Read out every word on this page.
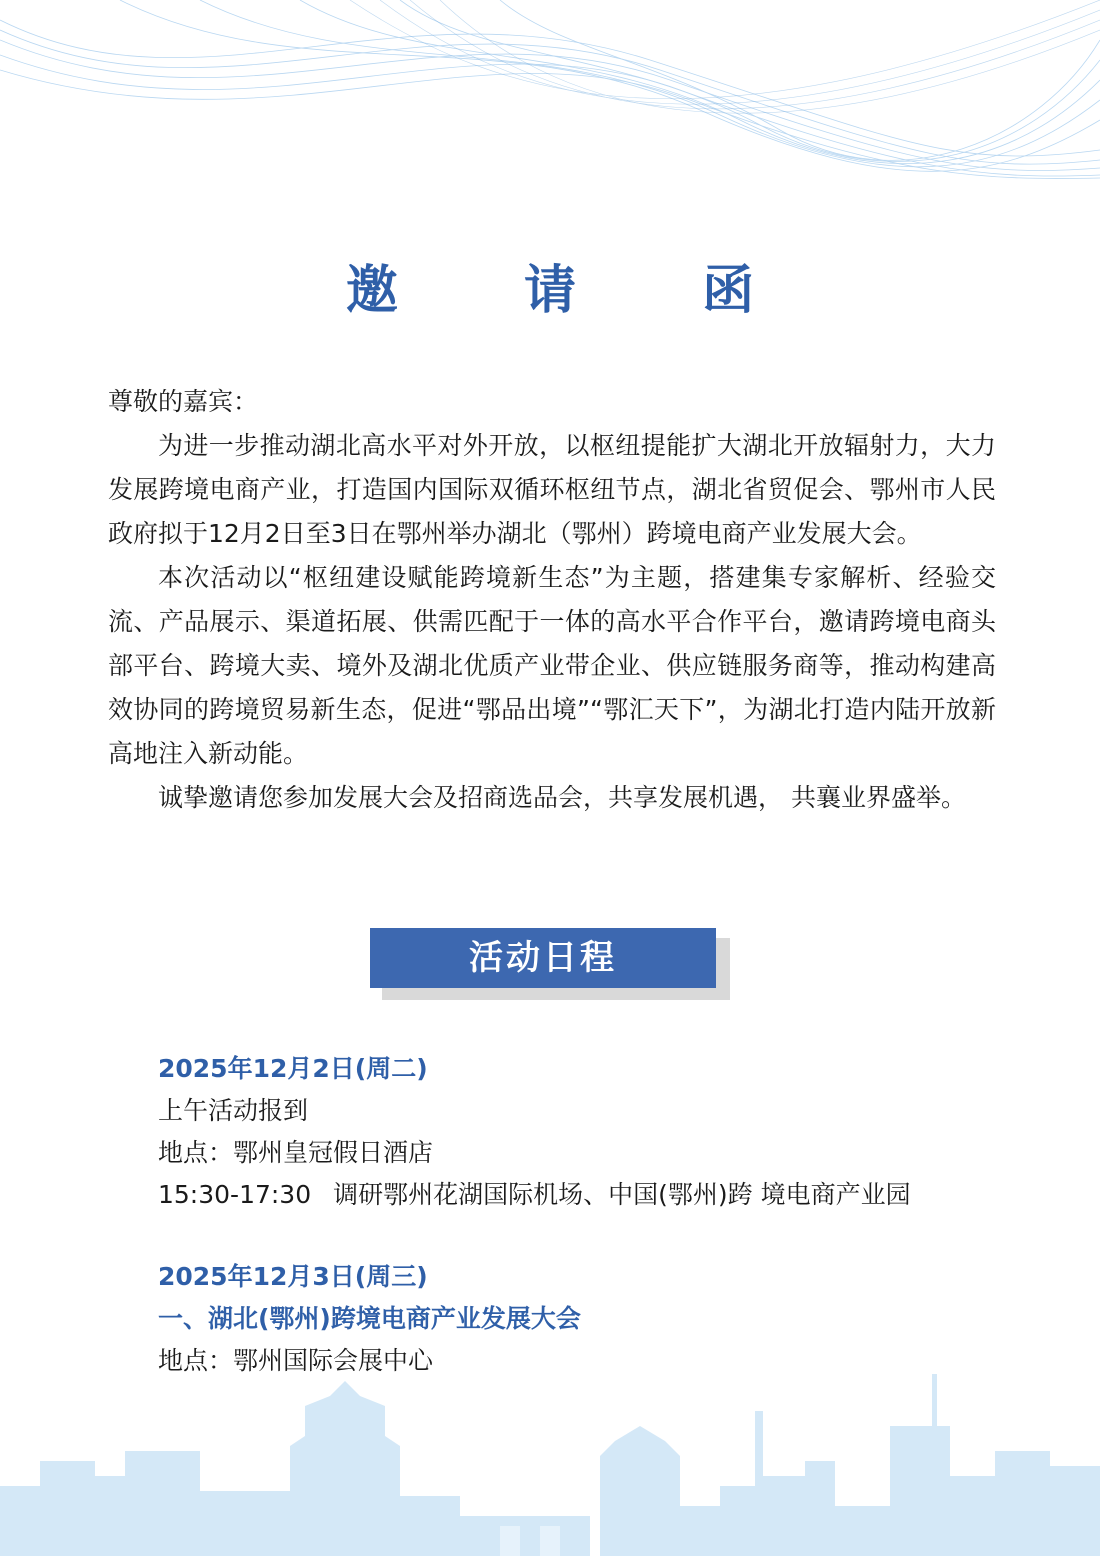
邀 请 函

尊敬的嘉宾：

为进一步推动湖北高水平对外开放，以枢纽提能扩大湖北开放辐射力，大力发展跨境电商产业，打造国内国际双循环枢纽节点，湖北省贸促会、鄂州市人民政府拟于12月2日至3日在鄂州举办湖北（鄂州）跨境电商产业发展大会。

本次活动以“枢纽建设赋能跨境新生态”为主题，搭建集专家解析、经验交流、产品展示、渠道拓展、供需匹配于一体的高水平合作平台，邀请跨境电商头部平台、跨境大卖、境外及湖北优质产业带企业、供应链服务商等，推动构建高效协同的跨境贸易新生态，促进“鄂品出境”“鄂汇天下”，为湖北打造内陆开放新高地注入新动能。

诚挚邀请您参加发展大会及招商选品会，共享发展机遇， 共襄业界盛举。

活动日程
2025年12月2日(周二)
上午活动报到
地点：鄂州皇冠假日酒店
15:30-17:30 调研鄂州花湖国际机场、中国(鄂州)跨 境电商产业园
2025年12月3日(周三)
一、湖北(鄂州)跨境电商产业发展大会
地点：鄂州国际会展中心
